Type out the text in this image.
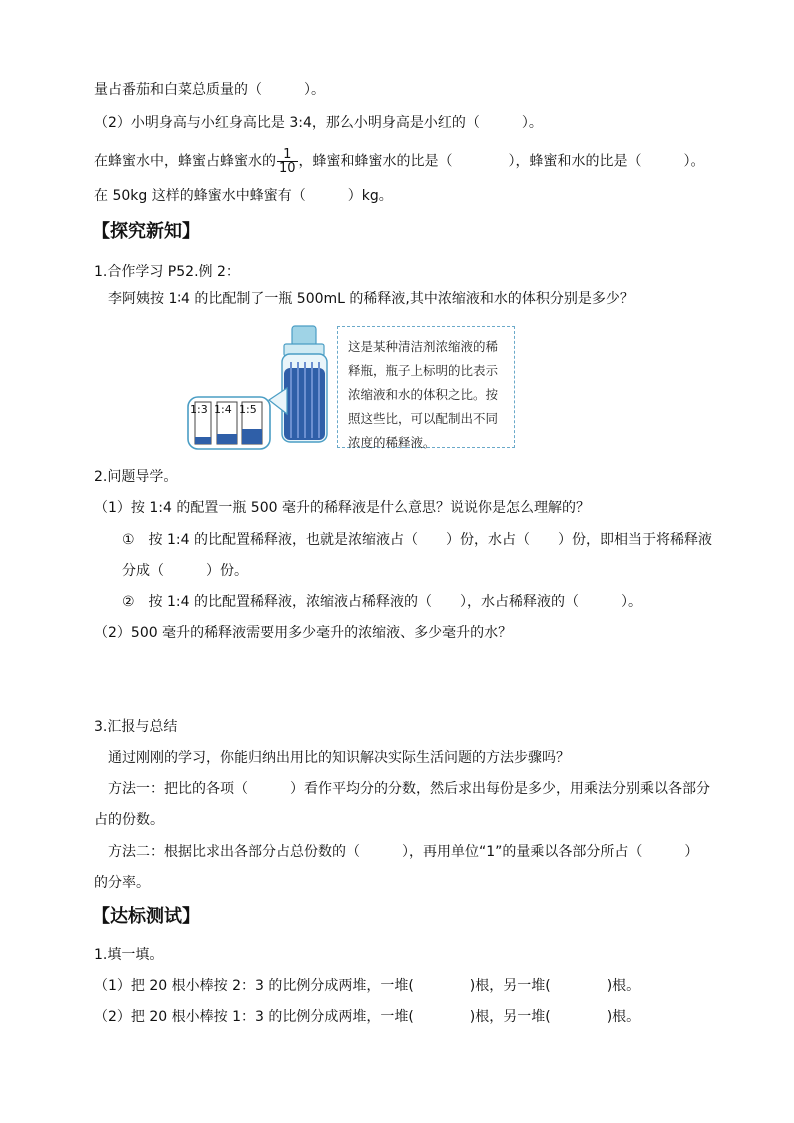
量占番茄和白菜总质量的（　　　）。
（2）小明身高与小红身高比是 3:4，那么小明身高是小红的（　　　）。
在蜂蜜水中，蜂蜜占蜂蜜水的 $\frac{1}{10}$ ，蜂蜜和蜂蜜水的比是（　　　　），蜂蜜和水的比是（　　　）。
在 50kg 这样的蜂蜜水中蜂蜜有（　　　）kg。
【探究新知】
1.合作学习 P52.例 2：
李阿姨按 1∶4 的比配制了一瓶 500mL 的稀释液,其中浓缩液和水的体积分别是多少？
1:3 1:4 1:5
这是某种清洁剂浓缩液的稀
释瓶，瓶子上标明的比表示
浓缩液和水的体积之比。按
照这些比，可以配制出不同
浓度的稀释液。
2.问题导学。
（1）按 1:4 的配置一瓶 500 毫升的稀释液是什么意思？说说你是怎么理解的？
①　按 1:4 的比配置稀释液，也就是浓缩液占（　　）份，水占（　　）份，即相当于将稀释液
分成（　　　）份。
②　按 1:4 的比配置稀释液，浓缩液占稀释液的（　　），水占稀释液的（　　　）。
（2）500 毫升的稀释液需要用多少毫升的浓缩液、多少毫升的水？
3.汇报与总结
通过刚刚的学习，你能归纳出用比的知识解决实际生活问题的方法步骤吗？
方法一：把比的各项（　　　）看作平均分的分数，然后求出每份是多少，用乘法分别乘以各部分
占的份数。
方法二：根据比求出各部分占总份数的（　　　），再用单位“1”的量乘以各部分所占（　　　）
的分率。
【达标测试】
1.填一填。
（1）把 20 根小棒按 2：3 的比例分成两堆，一堆(　　　　)根，另一堆(　　　　)根。
（2）把 20 根小棒按 1：3 的比例分成两堆，一堆(　　　　)根，另一堆(　　　　)根。
